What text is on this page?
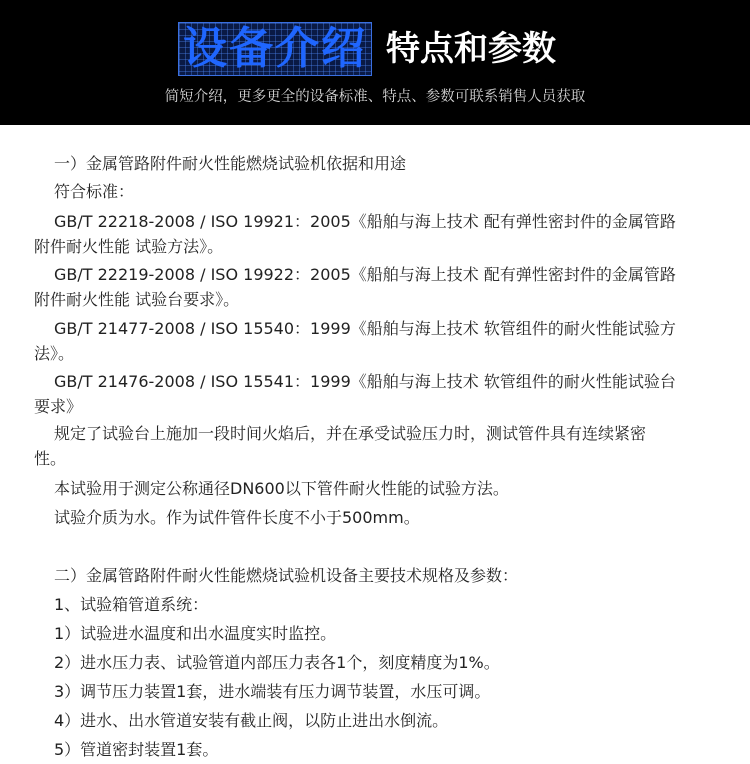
设备介绍 特点和参数
简短介绍，更多更全的设备标准、特点、参数可联系销售人员获取
一）金属管路附件耐火性能燃烧试验机依据和用途
符合标准：
GB/T 22218-2008 / ISO 19921：2005《船舶与海上技术 配有弹性密封件的金属管路
附件耐火性能 试验方法》。
GB/T 22219-2008 / ISO 19922：2005《船舶与海上技术 配有弹性密封件的金属管路
附件耐火性能 试验台要求》。
GB/T 21477-2008 / ISO 15540：1999《船舶与海上技术 软管组件的耐火性能试验方
法》。
GB/T 21476-2008 / ISO 15541：1999《船舶与海上技术 软管组件的耐火性能试验台
要求》
规定了试验台上施加一段时间火焰后，并在承受试验压力时，测试管件具有连续紧密
性。
本试验用于测定公称通径DN600以下管件耐火性能的试验方法。
试验介质为水。作为试件管件长度不小于500mm。
二）金属管路附件耐火性能燃烧试验机设备主要技术规格及参数：
1、试验箱管道系统：
1）试验进水温度和出水温度实时监控。
2）进水压力表、试验管道内部压力表各1个，刻度精度为1%。
3）调节压力装置1套，进水端装有压力调节装置，水压可调。
4）进水、出水管道安装有截止阀，以防止进出水倒流。
5）管道密封装置1套。
